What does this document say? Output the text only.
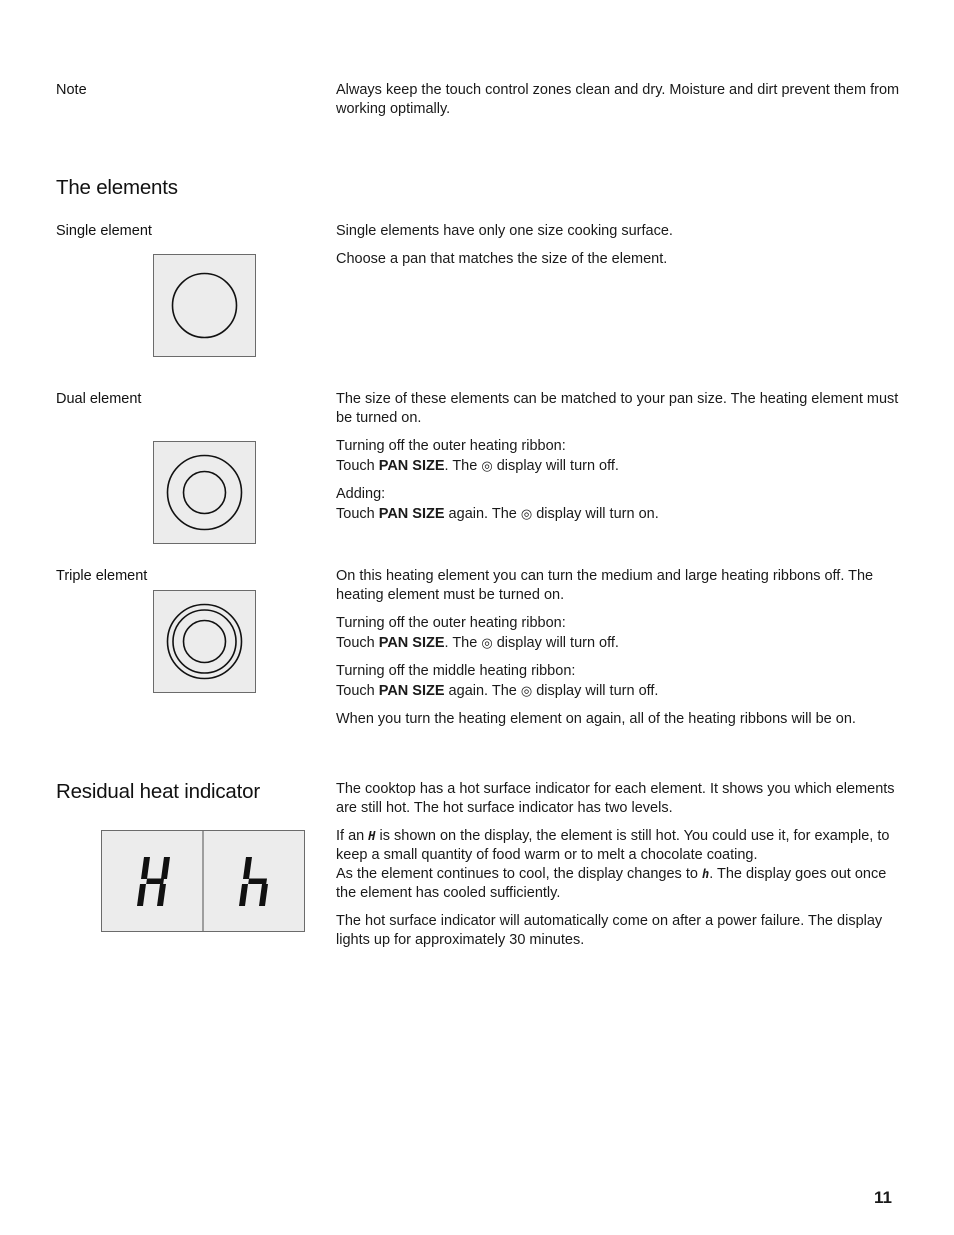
Note	Always keep the touch control zones clean and dry. Moisture and dirt prevent them from working optimally.

The elements
Single element	Single elements have only one size cooking surface.

Choose a pan that matches the size of the element.

Dual element	The size of these elements can be matched to your pan size. The heating element must be turned on.

Turning off the outer heating ribbon:
Touch PAN SIZE. The ◎ display will turn off.

Adding:
Touch PAN SIZE again. The ◎ display will turn on.

Triple element	On this heating element you can turn the medium and large heating ribbons off. The heating element must be turned on.

Turning off the outer heating ribbon:
Touch PAN SIZE. The ◎ display will turn off.

Turning off the middle heating ribbon:
Touch PAN SIZE again. The ◎ display will turn off.

When you turn the heating element on again, all of the heating ribbons will be on.

Residual heat indicator	The cooktop has a hot surface indicator for each element. It shows you which elements are still hot. The hot surface indicator has two levels.

If an H is shown on the display, the element is still hot. You could use it, for example, to keep a small quantity of food warm or to melt a chocolate coating.
As the element continues to cool, the display changes to h. The display goes out once the element has cooled sufficiently.

The hot surface indicator will automatically come on after a power failure. The display lights up for approximately 30 minutes.

11
